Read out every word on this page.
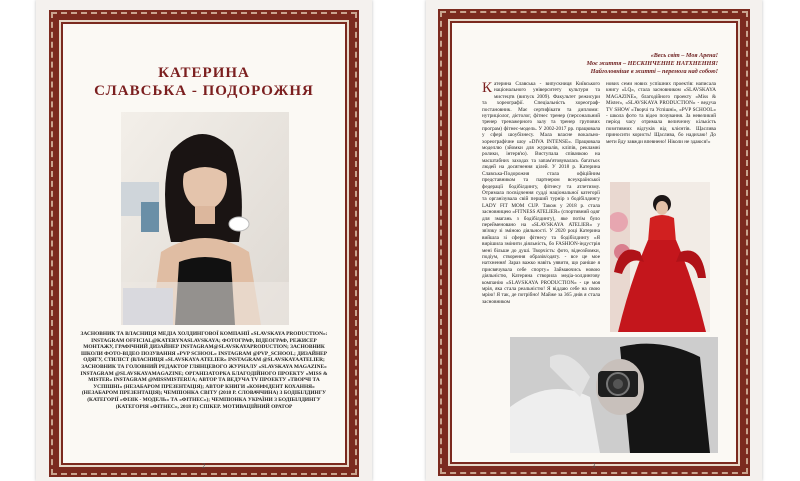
КАТЕРИНА
СЛАВСЬКА - ПОДОРОЖНЯ
ЗАСНОВНИК ТА ВЛАСНИЦЯ МЕДІА ХОЛДИНГОВОЇ КОМПАНІЇ «SLAVSKAYA PRODUCTION»: INSTAGRAM OFFICIAL@KATERYNASLAVSKAYA; ФОТОГРАФ, ВІДЕОГРАФ, РЕЖИСЕР МОНТАЖУ, ГРАФІЧНИЙ ДИЗАЙНЕР INSTAGRAM@SLAVSKAYAPRODUCTION; ЗАСНОВНИК ШКОЛИ ФОТО-ВІДЕО ПОЗУВАННЯ «PVP SCHOOL» INSTAGRAM @PVP_SCHOOL; ДИЗАЙНЕР ОДЯГУ, СТИЛІСТ (ВЛАСНИЦЯ «SLAVSKAYA ATELIER» INSTAGRAM @SLAVSKAYAATELIER; ЗАСНОВНИК ТА ГОЛОВНИЙ РЕДАКТОР ГЛЯНЦЕВОГО ЖУРНАЛУ «SLAVSKAYA MAGAZINE» INSTAGRAM @SLAVSKAYAMAGAZINE; ОРГАНІЗАТОРКА БЛАГОДІЙНОГО ПРОЕКТУ «MISS & MISTER» INSTAGRAM @MISSMISTERUA; АВТОР ТА ВЕДУЧА TV ПРОЕКТУ «ТВОРЧІ ТА УСПІШНІ» (НЕЗАБАРОМ ПРЕЗЕНТАЦІЯ); АВТОР КНИГИ «КОНФІДЕНТ КОХАННЯ» (НЕЗАБАРОМ ПРЕЗЕНТАЦІЯ); ЧЕМПІОНКА СВІТУ (2018 Р. СЛОВАЧЧИНА) З БОДІБІЛДИНГУ (КАТЕГОРІЇ «ФІЗІК - МОДЕЛЬ» ТА «ФІТНЕС»); ЧЕМПІОНКА УКРАЇНИ З БОДІБІЛДИНГУ (КАТЕГОРІЯ «ФІТНЕС», 2018 Р.) СПІКЕР. МОТИВАЦІЙНИЙ ОРАТОР
2
«Весь світ – Моя Арена!
Моє життя – НЕСКІНЧЕННЕ НАТХНЕННЯ!
Найголовніше в житті – перемога над собою!
Катерина Славська - випускниця Київського національного університету культури та мистецтв (випуск 2009). Факультет режисури та хореографії. Спеціальність хореограф-постановник. Має сертифікати та дипломи: ​​нутриціолог, дієтолог, фітнес тренер (персональний тренер тренажерного залу та тренер групових програм) фітнес-модель. У 2002-2017 рр. працювала у сфері шоубізнесу. Мала власне вокально-хореографічне шоу «DIVA INTENSE». Працювала моделлю (зйомки для журналів, кліпів, рекламні ролики, інтерв'ю). Виступала співачкою на масштабних заходах та запам'ятовувалась багатьох людей на досягнення цілей. У 2018 р. Катерина Славська-Подорожня стала офіційним представником та партнером всеукраїнської федерації бодібілдингу, фітнесу та атлетизму. Отримала посвідчення судді національної категорії та організувала свій перший турнір з бодібілдингу LADY FIT MOM CUP. Також у 2018 р. стала засновницею «FITNESS ATELIER» (спортивний одяг для змагань з бодібілдингу), яке потім було перейменовано на «SLAVSKAYA ATELIER» у зв'язку зі зміною діяльності. У 2020 році Катерина вийшла зі сфери фітнесу та бодібілдингу «Я вирішила змінити діяльність, бо FASHION-індустрія мені більше до душі. Творчість: фото, відеозйомки, подіум, створення образів/одягу. - все це мое натхнення! Зараз важко навіть уявити, що раніше я присвячувала себе спорту» Займаючись новою діяльністю, Катерина створила медіа-холдингову компанію «SLAVSKAYA PRODUCTION» - це моя мрія, яка стала реальністю! Я віддаю себе на свою мрію! Я так, де потрібно! Майже за 365 днів я стала засновником
нових семи нових успішних проектів: написала книгу «LQ», стала засновником «SLAVSKAYA MAGAZINE», благодійного проекту «Міss & Mister», «SLAVSKAYA PRODUCTION» - ведуча TV SHOW «Творчі та Успішні», «PVP SCHOOL» - школа фото та відео позування. За невеликий період часу отримала величезну кількість позитивних відгуків від клієнтів. Щасливa приносити користь! Щасливa, бо надихаю! До мети йду завжди впевнено! Ніколи не здаюся!»
3
